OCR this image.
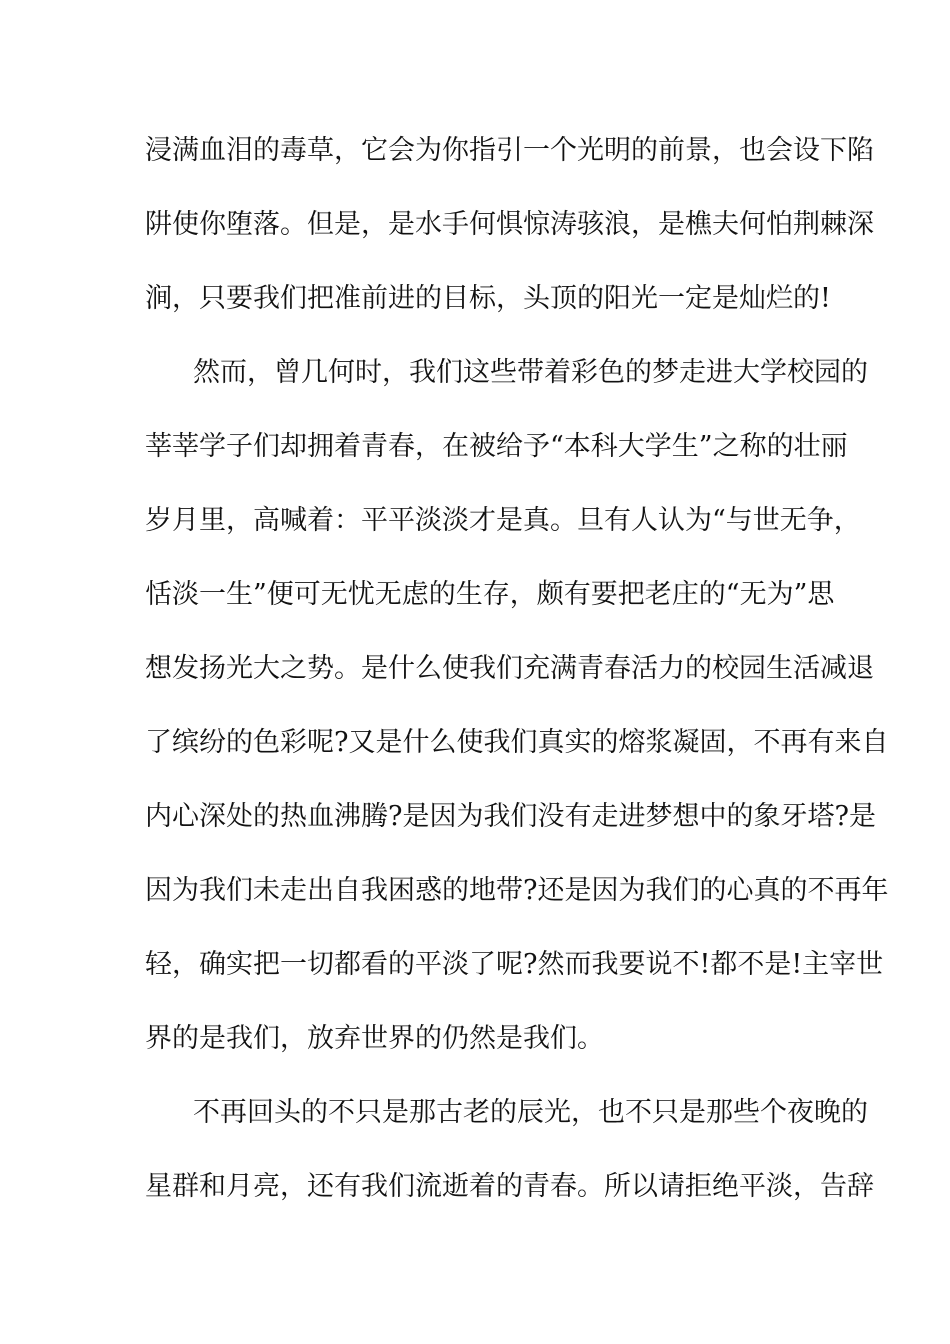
浸满血泪的毒草，它会为你指引一个光明的前景，也会设下陷
阱使你堕落。但是，是水手何惧惊涛骇浪，是樵夫何怕荆棘深
涧，只要我们把准前进的目标，头顶的阳光一定是灿烂的!
然而，曾几何时，我们这些带着彩色的梦走进大学校园的
莘莘学子们却拥着青春，在被给予“本科大学生”之称的壮丽
岁月里，高喊着：平平淡淡才是真。旦有人认为“与世无争，
恬淡一生”便可无忧无虑的生存，颇有要把老庄的“无为”思
想发扬光大之势。是什么使我们充满青春活力的校园生活减退
了缤纷的色彩呢?又是什么使我们真实的熔浆凝固，不再有来自
内心深处的热血沸腾?是因为我们没有走进梦想中的象牙塔?是
因为我们未走出自我困惑的地带?还是因为我们的心真的不再年
轻，确实把一切都看的平淡了呢?然而我要说不!都不是!主宰世
界的是我们，放弃世界的仍然是我们。
不再回头的不只是那古老的辰光，也不只是那些个夜晚的
星群和月亮，还有我们流逝着的青春。所以请拒绝平淡，告辞
